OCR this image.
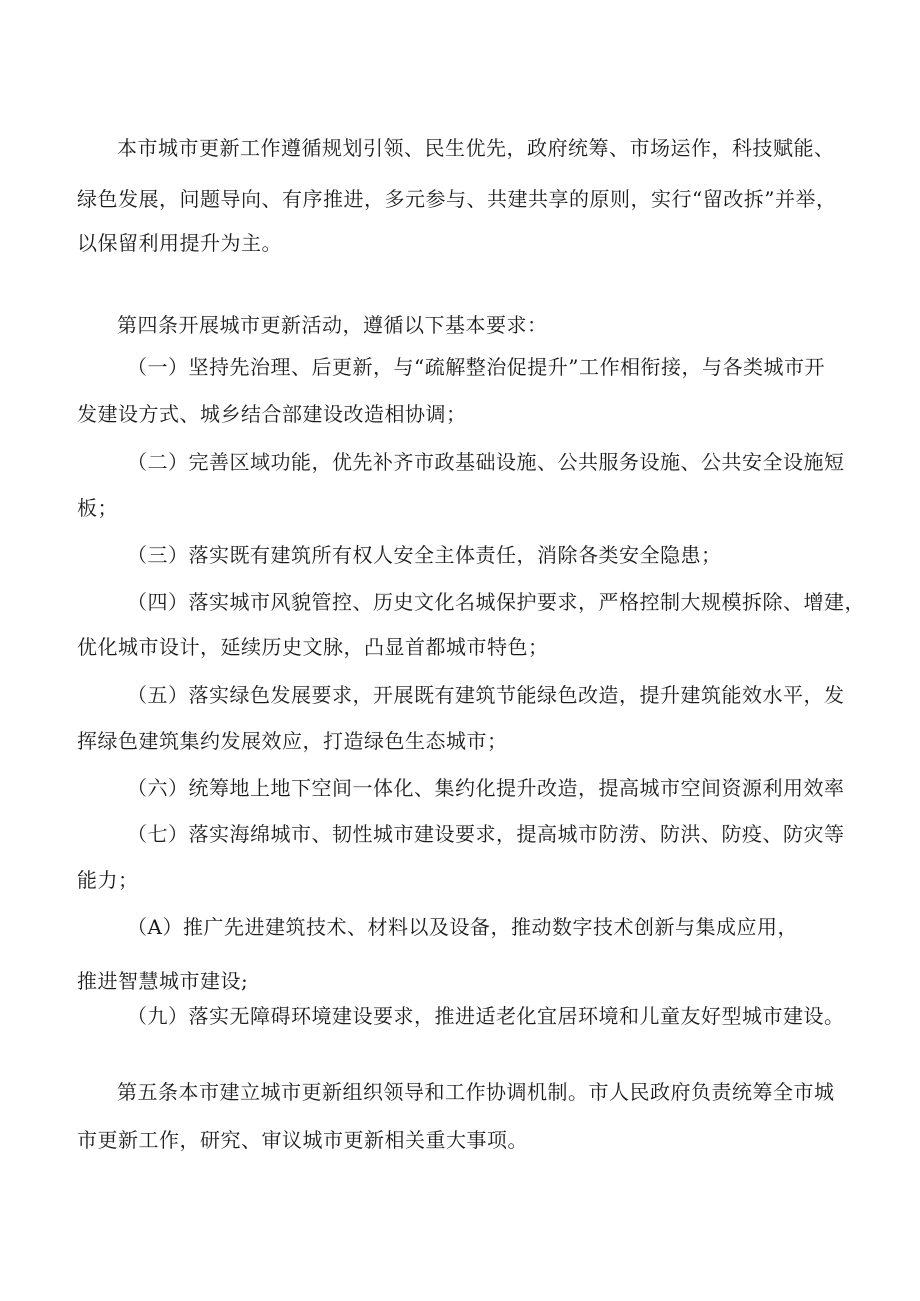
本市城市更新工作遵循规划引领、民生优先，政府统筹、市场运作，科技赋能、
绿色发展，问题导向、有序推进，多元参与、共建共享的原则，实行“留改拆”并举，
以保留利用提升为主。
第四条开展城市更新活动，遵循以下基本要求：
（一）坚持先治理、后更新，与“疏解整治促提升”工作相衔接，与各类城市开
发建设方式、城乡结合部建设改造相协调；
（二）完善区域功能，优先补齐市政基础设施、公共服务设施、公共安全设施短
板；
（三）落实既有建筑所有权人安全主体责任，消除各类安全隐患；
（四）落实城市风貌管控、历史文化名城保护要求，严格控制大规模拆除、增建，
优化城市设计，延续历史文脉，凸显首都城市特色；
（五）落实绿色发展要求，开展既有建筑节能绿色改造，提升建筑能效水平，发
挥绿色建筑集约发展效应，打造绿色生态城市；
（六）统筹地上地下空间一体化、集约化提升改造，提高城市空间资源利用效率
（七）落实海绵城市、韧性城市建设要求，提高城市防涝、防洪、防疫、防灾等
能力；
（A）推广先进建筑技术、材料以及设备，推动数字技术创新与集成应用，
推进智慧城市建设;
（九）落实无障碍环境建设要求，推进适老化宜居环境和儿童友好型城市建设。
第五条本市建立城市更新组织领导和工作协调机制。市人民政府负责统筹全市城
市更新工作，研究、审议城市更新相关重大事项。
